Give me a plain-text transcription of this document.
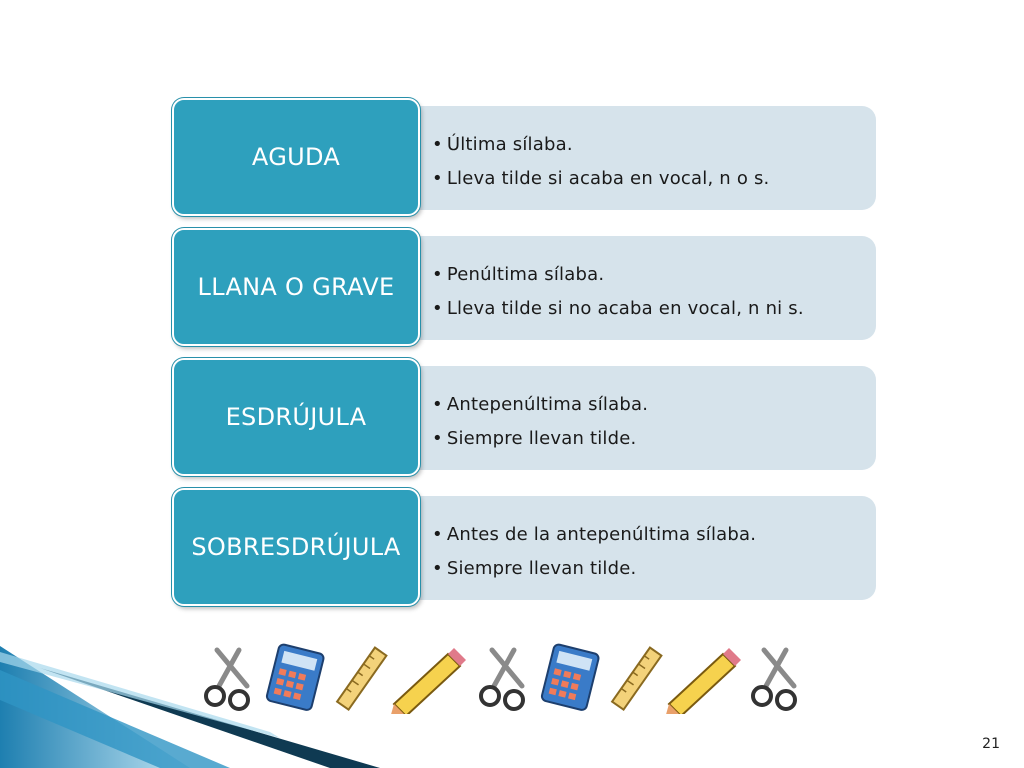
• Última sílaba.
• Lleva tilde si acaba en vocal, n o s.
AGUDA
• Penúltima sílaba.
• Lleva tilde si no acaba en vocal, n ni s.
LLANA O GRAVE
• Antepenúltima sílaba.
• Siempre llevan tilde.
ESDRÚJULA
• Antes de la antepenúltima sílaba.
• Siempre llevan tilde.
SOBRESDRÚJULA
21
